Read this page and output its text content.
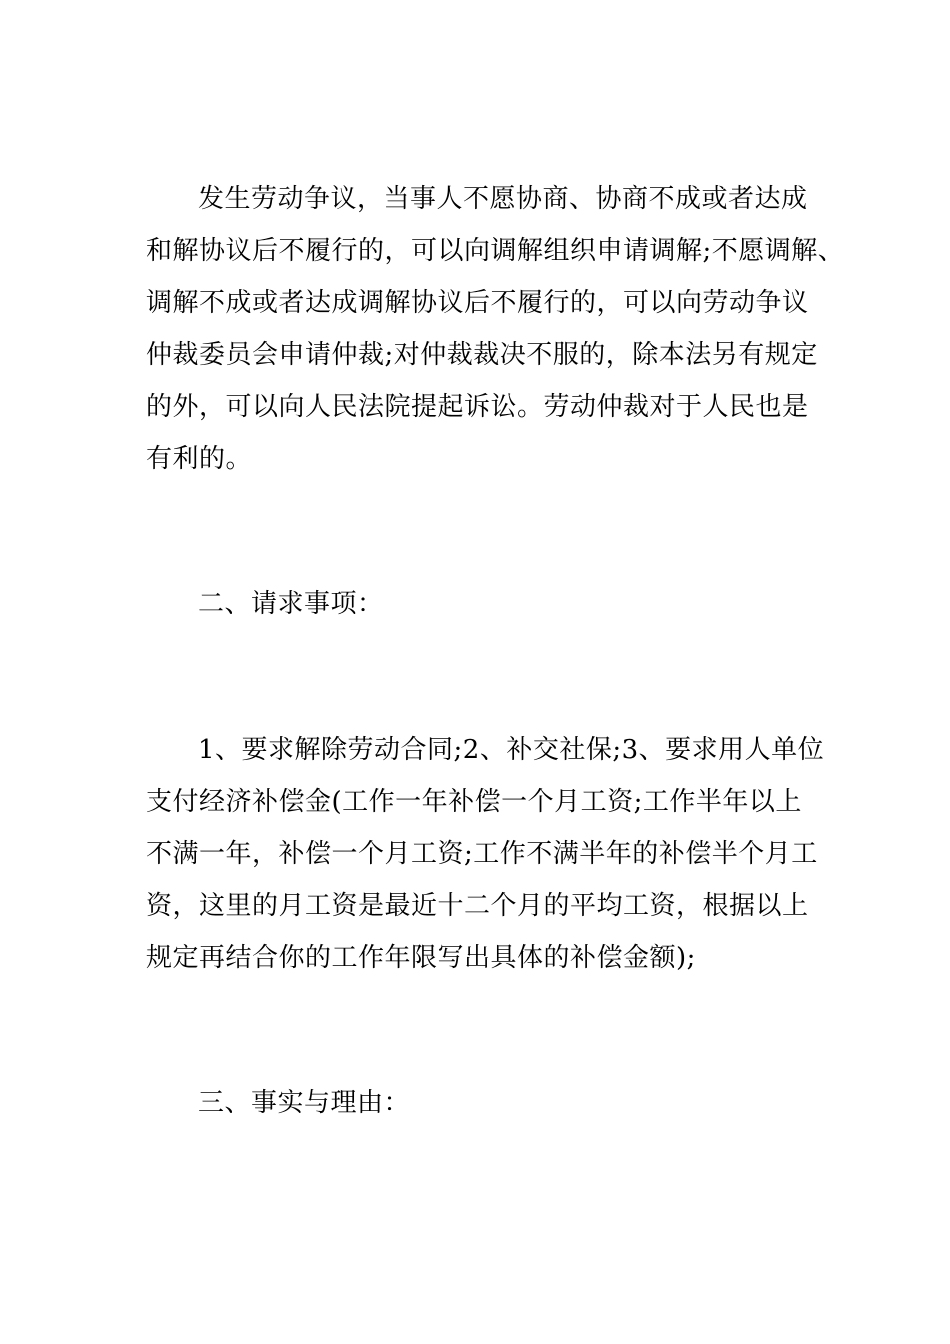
发生劳动争议，当事人不愿协商、协商不成或者达成
和解协议后不履行的，可以向调解组织申请调解;不愿调解、
调解不成或者达成调解协议后不履行的，可以向劳动争议
仲裁委员会申请仲裁;对仲裁裁决不服的，除本法另有规定
的外，可以向人民法院提起诉讼。劳动仲裁对于人民也是
有利的。
二、请求事项：
1、要求解除劳动合同;2、补交社保;3、要求用人单位
支付经济补偿金(工作一年补偿一个月工资;工作半年以上
不满一年，补偿一个月工资;工作不满半年的补偿半个月工
资，这里的月工资是最近十二个月的平均工资，根据以上
规定再结合你的工作年限写出具体的补偿金额);
三、事实与理由：
